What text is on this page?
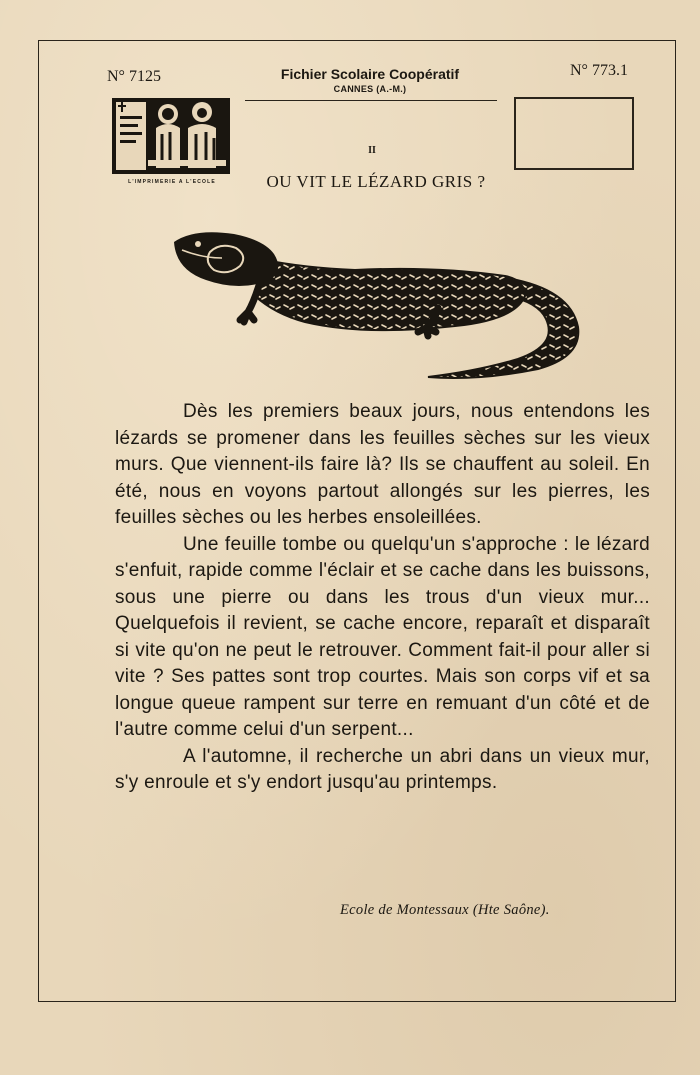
N° 7125	N° 773.1
Fichier Scolaire Coopératif
CANNES (A.-M.)
L'IMPRIMERIE A L'ECOLE
II
OU VIT LE LÉZARD GRIS ?

Dès les premiers beaux jours, nous entendons les lézards se promener dans les feuilles sèches sur les vieux murs. Que viennent-ils faire là? Ils se chauffent au soleil. En été, nous en voyons partout allongés sur les pierres, les feuilles sèches ou les herbes ensoleillées.

Une feuille tombe ou quelqu'un s'approche : le lézard s'enfuit, rapide comme l'éclair et se cache dans les buissons, sous une pierre ou dans les trous d'un vieux mur... Quelquefois il revient, se cache encore, reparaît et disparaît si vite qu'on ne peut le retrouver. Comment fait-il pour aller si vite ? Ses pattes sont trop courtes. Mais son corps vif et sa longue queue rampent sur terre en remuant d'un côté et de l'autre comme celui d'un serpent...

A l'automne, il recherche un abri dans un vieux mur, s'y enroule et s'y endort jusqu'au printemps.

Ecole de Montessaux (Hte Saône).
